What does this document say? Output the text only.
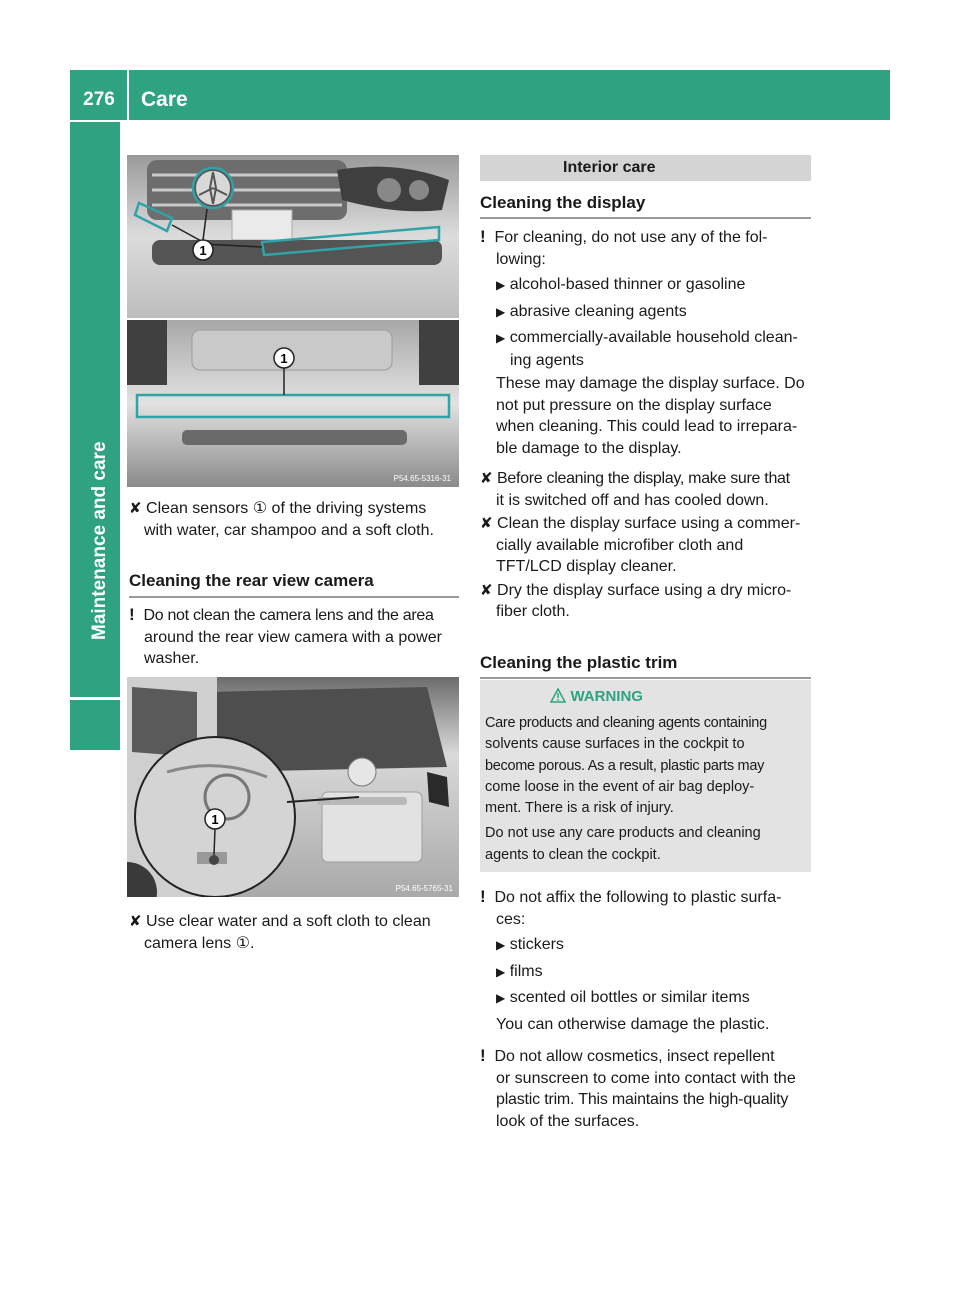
276	Care
Maintenance and care
1
1
P54.65-5316-31
✘ Clean sensors ① of the driving systems
with water, car shampoo and a soft cloth.
Cleaning the rear view camera
! Do not clean the camera lens and the area
around the rear view camera with a power
washer.
1
P54.65-5765-31
✘ Use clear water and a soft cloth to clean
camera lens ①.
Interior care
Cleaning the display
! For cleaning, do not use any of the fol-
lowing:
▶ alcohol-based thinner or gasoline
▶ abrasive cleaning agents
▶ commercially-available household clean-
ing agents
These may damage the display surface. Do
not put pressure on the display surface
when cleaning. This could lead to irrepara-
ble damage to the display.
✘ Before cleaning the display, make sure that
it is switched off and has cooled down.
✘ Clean the display surface using a commer-
cially available microfiber cloth and
TFT/LCD display cleaner.
✘ Dry the display surface using a dry micro-
fiber cloth.
Cleaning the plastic trim
WARNING
Care products and cleaning agents containing
solvents cause surfaces in the cockpit to
become porous. As a result, plastic parts may
come loose in the event of air bag deploy-
ment. There is a risk of injury.
Do not use any care products and cleaning
agents to clean the cockpit.
! Do not affix the following to plastic surfa-
ces:
▶ stickers
▶ films
▶ scented oil bottles or similar items
You can otherwise damage the plastic.
! Do not allow cosmetics, insect repellent
or sunscreen to come into contact with the
plastic trim. This maintains the high-quality
look of the surfaces.
